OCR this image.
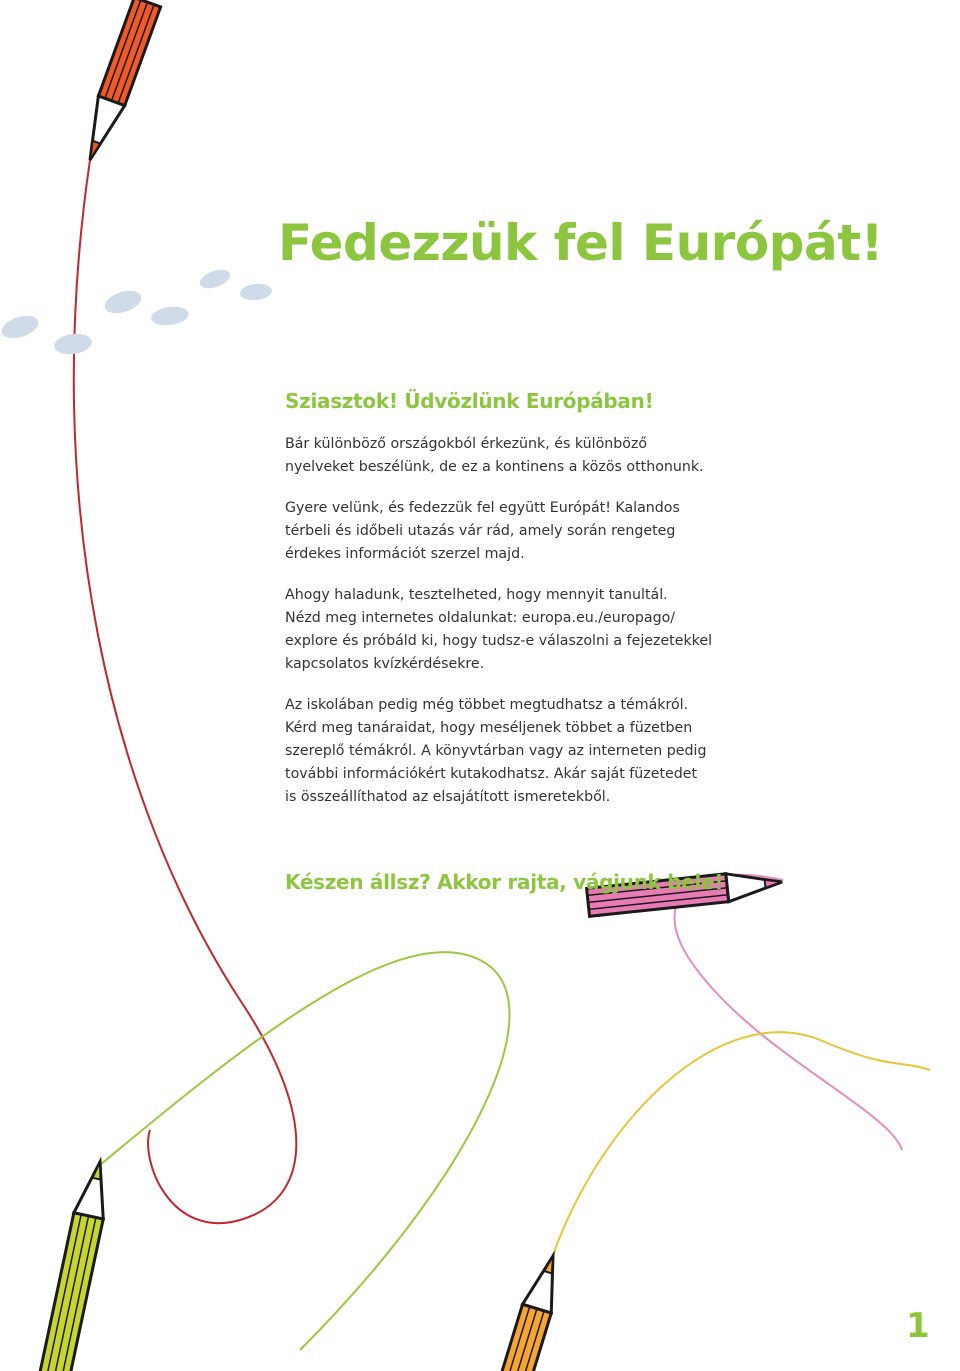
Fedezzük fel Európát!
Sziasztok! Üdvözlünk Európában!

Bár különböző országokból érkezünk, és különböző
nyelveket beszélünk, de ez a kontinens a közös otthonunk.

Gyere velünk, és fedezzük fel együtt Európát! Kalandos
térbeli és időbeli utazás vár rád, amely során rengeteg
érdekes információt szerzel majd.

Ahogy haladunk, tesztelheted, hogy mennyit tanultál.
Nézd meg internetes oldalunkat: europa.eu./europago/
explore és próbáld ki, hogy tudsz-e válaszolni a fejezetekkel
kapcsolatos kvízkérdésekre.

Az iskolában pedig még többet megtudhatsz a témákról.
Kérd meg tanáraidat, hogy meséljenek többet a füzetben
szereplő témákról. A könyvtárban vagy az interneten pedig
további információkért kutakodhatsz. Akár saját füzetedet
is összeállíthatod az elsajátított ismeretekből.

Készen állsz? Akkor rajta, vágjunk bele!
1
